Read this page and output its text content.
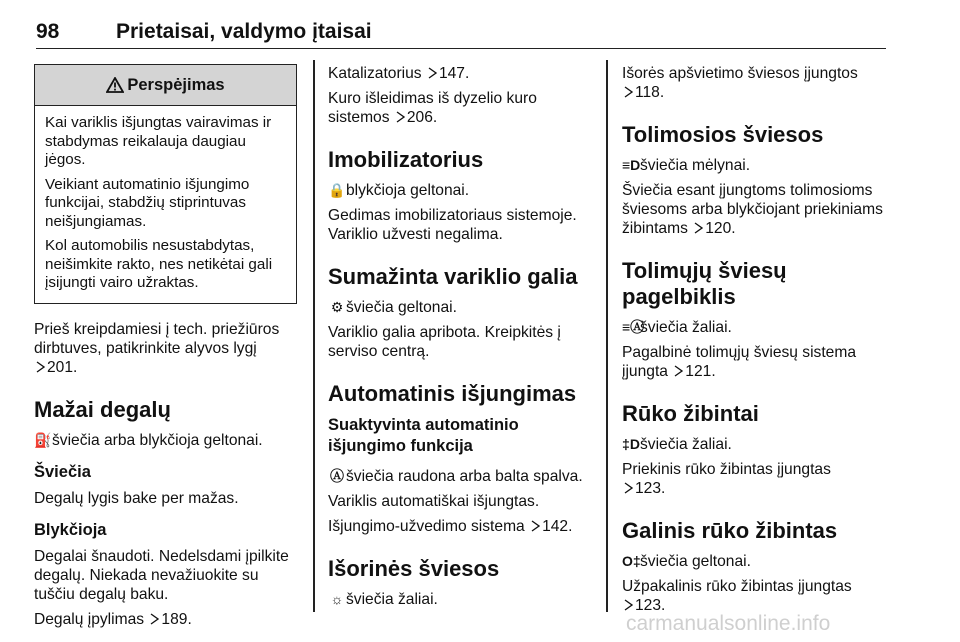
98	Prietaisai, valdymo įtaisai
Perspėjimas

Kai variklis išjungtas vairavimas ir stabdymas reikalauja daugiau jėgos.

Veikiant automatinio išjungimo funkcijai, stabdžių stiprintuvas neišjungiamas.

Kol automobilis nesustabdytas, neišimkite rakto, nes netikėtai gali įsijungti vairo užraktas.

Prieš kreipdamiesi į tech. priežiūros dirbtuves, patikrinkite alyvos lygį
201.

Mažai degalų

⛽šviečia arba blykčioja geltonai.

Šviečia

Degalų lygis bake per mažas.

Blykčioja

Degalai šnaudoti. Nedelsdami įpilkite degalų. Niekada nevažiuokite su tuščiu degalų baku.

Degalų įpylimas 189.

Katalizatorius 147.

Kuro išleidimas iš dyzelio kuro sistemos 206.

Imobilizatorius

🔒blykčioja geltonai.

Gedimas imobilizatoriaus sistemoje. Variklio užvesti negalima.

Sumažinta variklio galia

⚙ šviečia geltonai.

Variklio galia apribota. Kreipkitės į serviso centrą.

Automatinis išjungimas
Suaktyvinta automatinio išjungimo funkcija

Ⓐ šviečia raudona arba balta spalva.

Variklis automatiškai išjungtas.

Išjungimo-užvedimo sistema 142.

Išorinės šviesos

☼ šviečia žaliai.

Išorės apšvietimo šviesos įjungtos
118.

Tolimosios šviesos

≡Dšviečia mėlynai.

Šviečia esant įjungtoms tolimosioms šviesoms arba blykčiojant priekiniams žibintams 120.

Tolimųjų šviesų pagelbiklis

≡Ⓐšviečia žaliai.

Pagalbinė tolimųjų šviesų sistema įjungta 121.

Rūko žibintai

‡Dšviečia žaliai.

Priekinis rūko žibintas įjungtas
123.

Galinis rūko žibintas

O‡šviečia geltonai.

Užpakalinis rūko žibintas įjungtas
123.

carmanualsonline.info
